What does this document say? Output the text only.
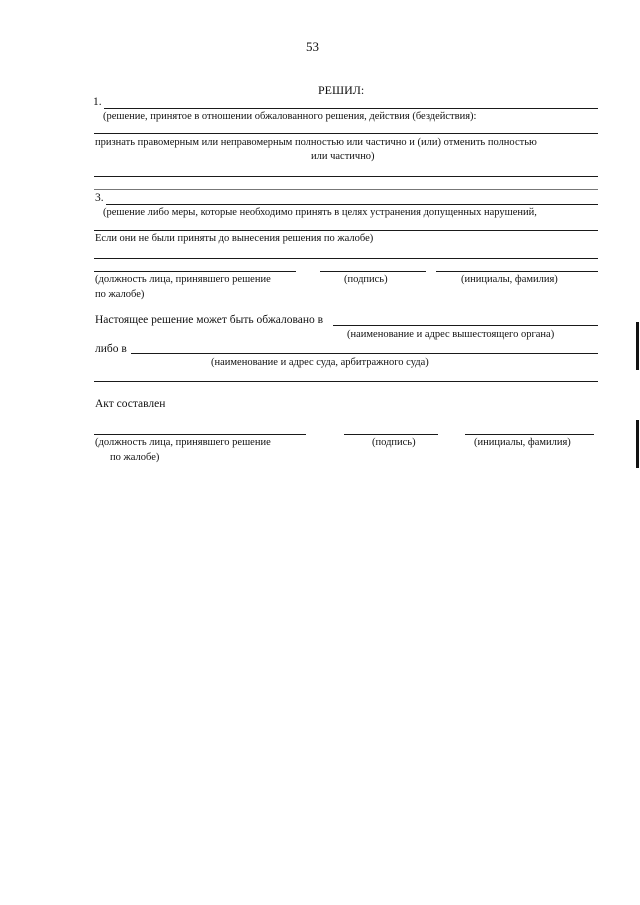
53
РЕШИЛ:
1.
(решение, принятое в отношении обжалованного решения, действия (бездействия):
признать правомерным или неправомерным полностью или частично и (или) отменить полностью
или частично)
3.
(решение либо меры, которые необходимо принять в целях устранения допущенных нарушений,
Если они не были приняты до вынесения решения по жалобе)
(должность лица, принявшего решение
по жалобе)
(подпись)	(инициалы, фамилия)
Настоящее решение может быть обжаловано в
(наименование и адрес вышестоящего органа)
либо в
(наименование и адрес суда, арбитражного суда)
Акт составлен
(должность лица, принявшего решение
по жалобе)
(подпись)	(инициалы, фамилия)
